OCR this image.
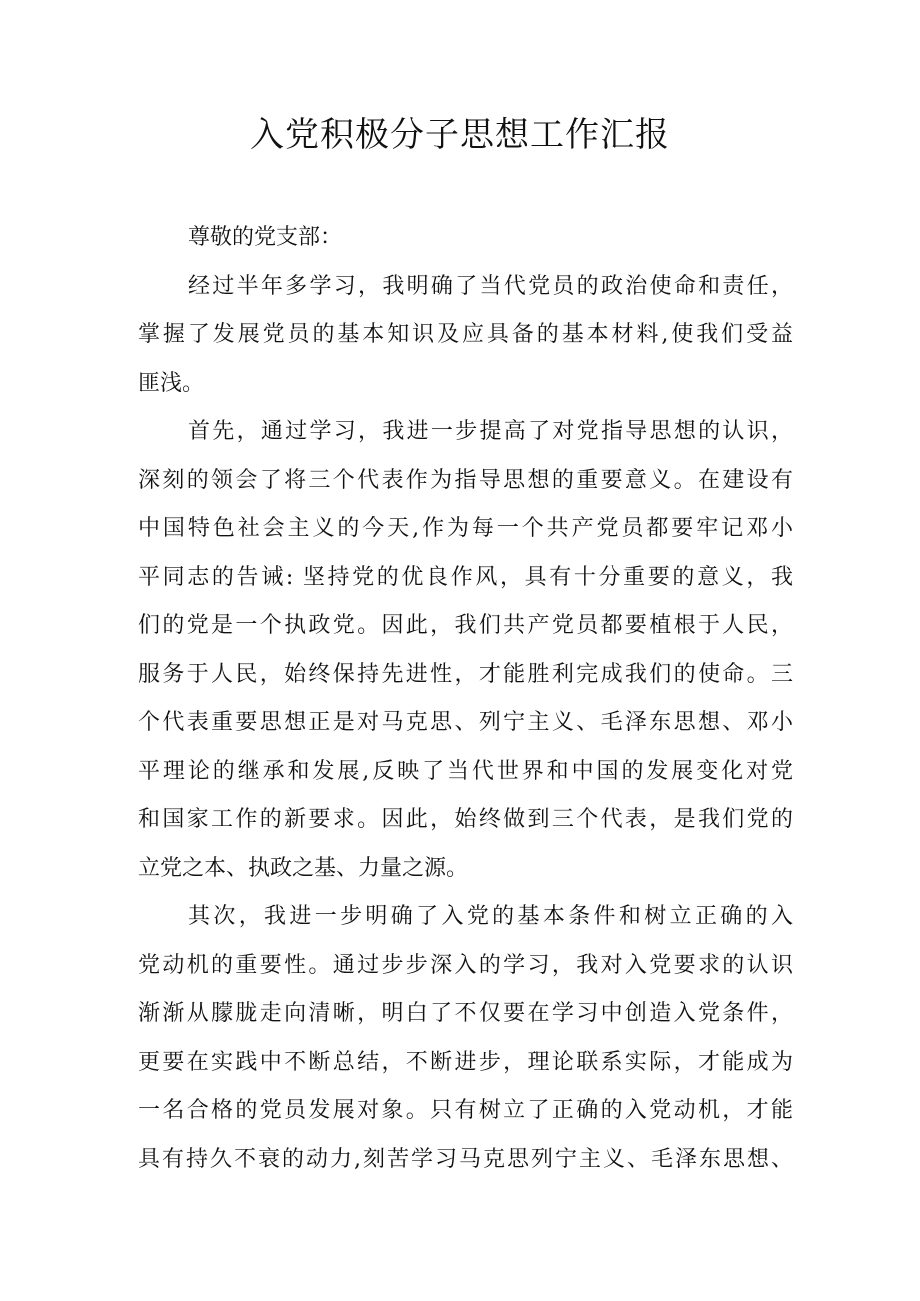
入党积极分子思想工作汇报
尊敬的党支部：
经过半年多学习，我明确了当代党员的政治使命和责任，
掌握了发展党员的基本知识及应具备的基本材料,使我们受益
匪浅。
首先，通过学习，我进一步提高了对党指导思想的认识，
深刻的领会了将三个代表作为指导思想的重要意义。在建设有
中国特色社会主义的今天,作为每一个共产党员都要牢记邓小
平同志的告诫: 坚持党的优良作风，具有十分重要的意义，我
们的党是一个执政党。因此，我们共产党员都要植根于人民，
服务于人民，始终保持先进性，才能胜利完成我们的使命。三
个代表重要思想正是对马克思、列宁主义、毛泽东思想、邓小
平理论的继承和发展,反映了当代世界和中国的发展变化对党
和国家工作的新要求。因此，始终做到三个代表，是我们党的
立党之本、执政之基、力量之源。
其次，我进一步明确了入党的基本条件和树立正确的入
党动机的重要性。通过步步深入的学习，我对入党要求的认识
渐渐从朦胧走向清晰，明白了不仅要在学习中创造入党条件，
更要在实践中不断总结，不断进步，理论联系实际，才能成为
一名合格的党员发展对象。只有树立了正确的入党动机，才能
具有持久不衰的动力,刻苦学习马克思列宁主义、毛泽东思想、
